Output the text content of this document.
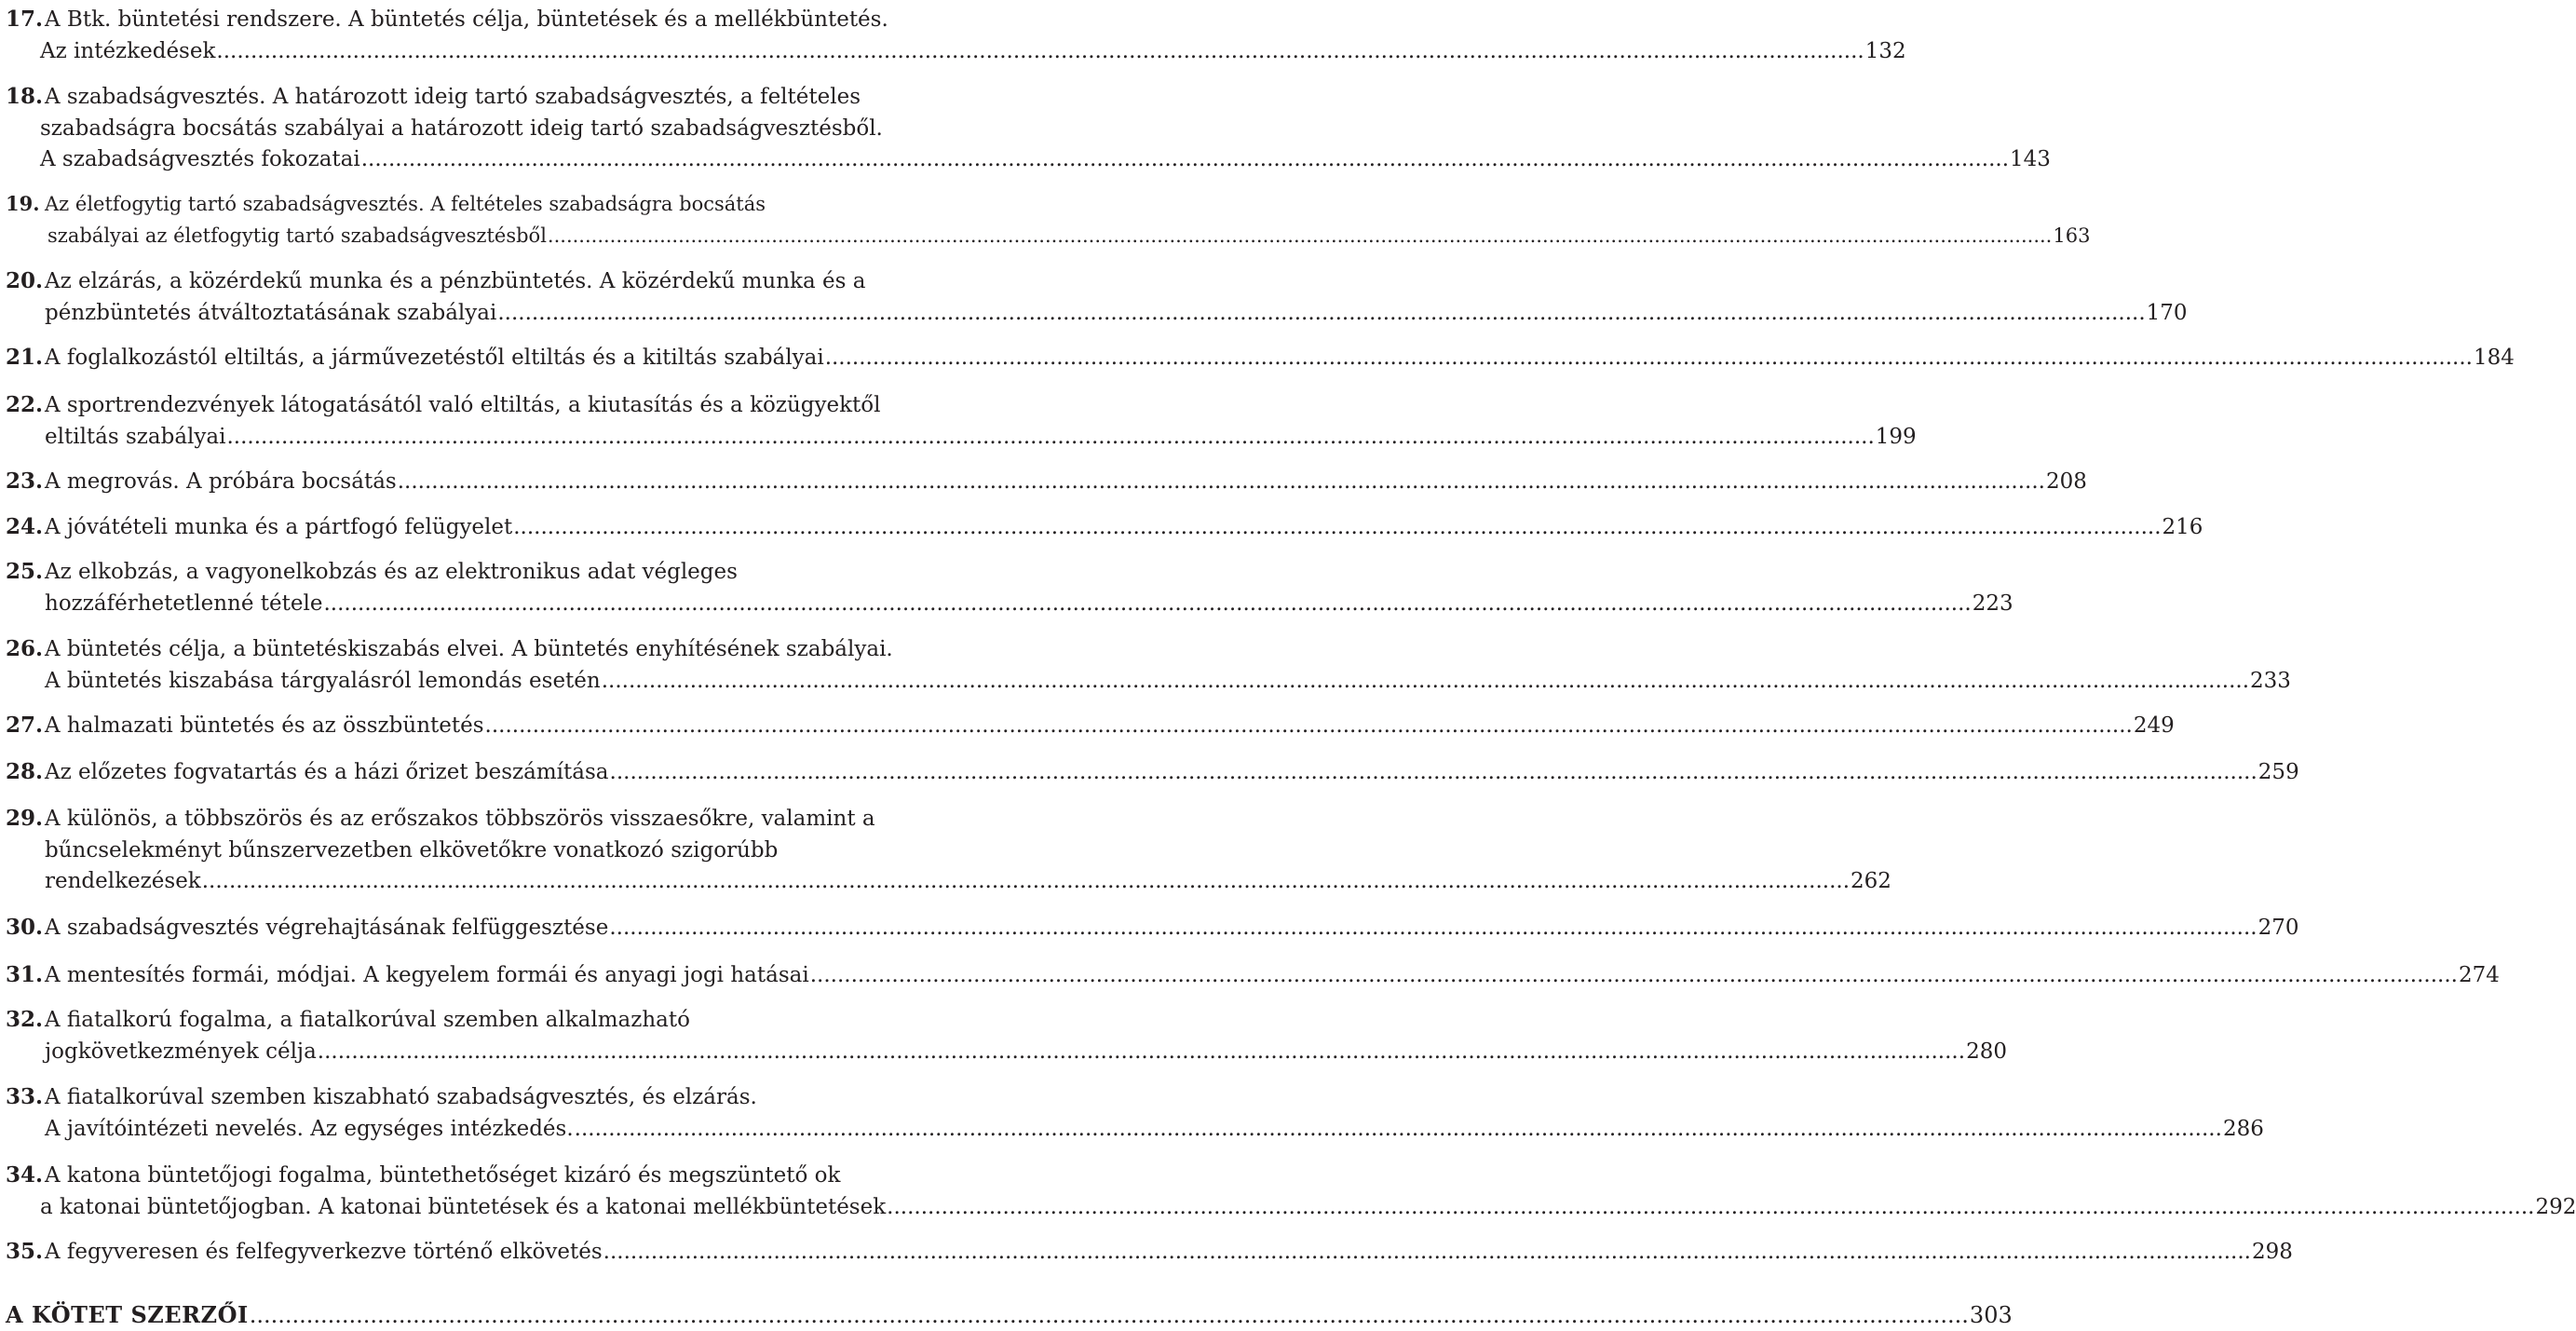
17. A Btk. büntetési rendszere. A büntetés célja, büntetések és a mellékbüntetés.
Az intézkedések .....	132
18. A szabadságvesztés. A határozott ideig tartó szabadságvesztés, a feltételes
szabadságra bocsátás szabályai a határozott ideig tartó szabadságvesztésből.
A szabadságvesztés fokozatai .....	143
19. Az életfogytig tartó szabadságvesztés. A feltételes szabadságra bocsátás
szabályai az életfogytig tartó szabadságvesztésből .....	163
20. Az elzárás, a közérdekű munka és a pénzbüntetés. A közérdekű munka és a
pénzbüntetés átváltoztatásának szabályai .....	170
21. A foglalkozástól eltiltás, a járművezetéstől eltiltás és a kitiltás szabályai .....	184
22. A sportrendezvények látogatásától való eltiltás, a kiutasítás és a közügyektől
eltiltás szabályai .....	199
23. A megrovás. A próbára bocsátás .....	208
24. A jóvátételi munka és a pártfogó felügyelet .....	216
25. Az elkobzás, a vagyonelkobzás és az elektronikus adat végleges
hozzáférhetetlenné tétele .....	223
26. A büntetés célja, a büntetéskiszabás elvei. A büntetés enyhítésének szabályai.
A büntetés kiszabása tárgyalásról lemondás esetén .....	233
27. A halmazati büntetés és az összbüntetés .....	249
28. Az előzetes fogvatartás és a házi őrizet beszámítása .....	259
29. A különös, a többszörös és az erőszakos többszörös visszaesőkre, valamint a
bűncselekményt bűnszervezetben elkövetőkre vonatkozó szigorúbb
rendelkezések .....	262
30. A szabadságvesztés végrehajtásának felfüggesztése .....	270
31. A mentesítés formái, módjai. A kegyelem formái és anyagi jogi hatásai .....	274
32. A fiatalkorú fogalma, a fiatalkorúval szemben alkalmazható
jogkövetkezmények célja .....	280
33. A fiatalkorúval szemben kiszabható szabadságvesztés, és elzárás.
A javítóintézeti nevelés. Az egységes intézkedés. .....	286
34. A katona büntetőjogi fogalma, büntethetőséget kizáró és megszüntető ok
a katonai büntetőjogban. A katonai büntetések és a katonai mellékbüntetések .....	292
35. A fegyveresen és felfegyverkezve történő elkövetés .....	298
A KÖTET SZERZŐI .....	303
